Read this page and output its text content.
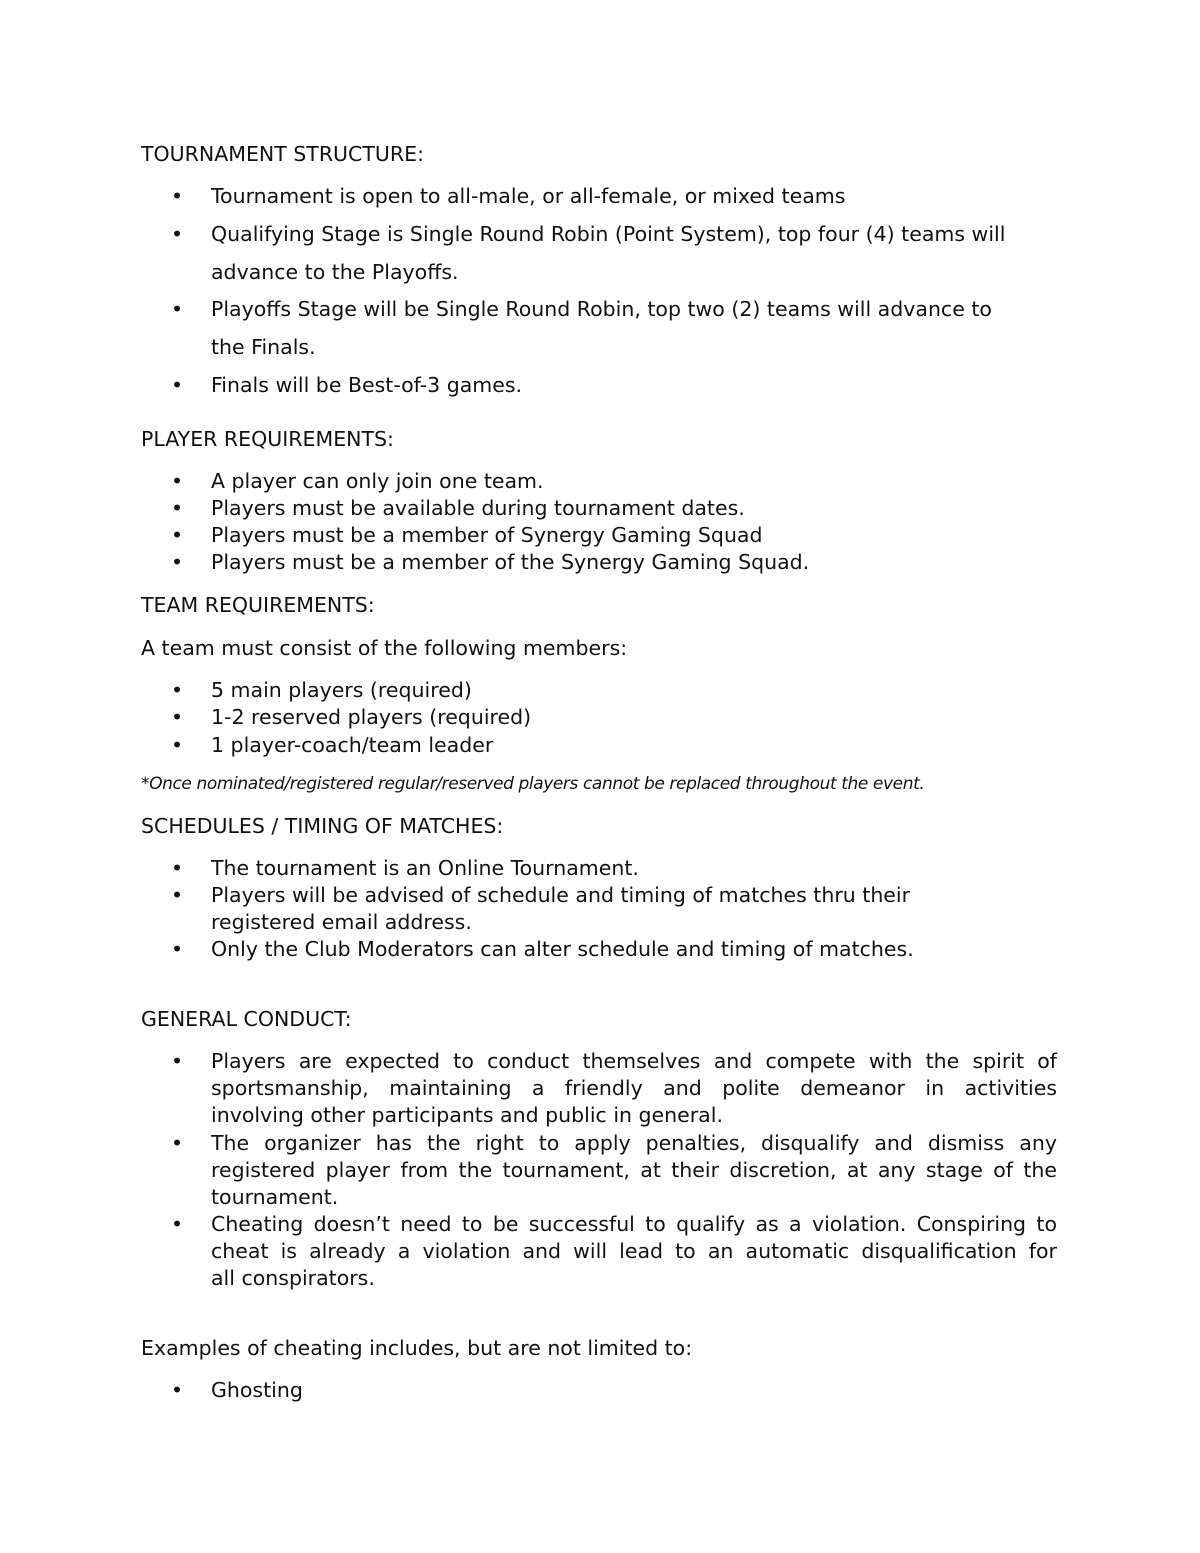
TOURNAMENT STRUCTURE:

• Tournament is open to all-male, or all-female, or mixed teams

• Qualifying Stage is Single Round Robin (Point System), top four (4) teams will

advance to the Playoffs.

• Playoffs Stage will be Single Round Robin, top two (2) teams will advance to

the Finals.

• Finals will be Best-of-3 games.

PLAYER REQUIREMENTS:

• A player can only join one team.

• Players must be available during tournament dates.

• Players must be a member of Synergy Gaming Squad

• Players must be a member of the Synergy Gaming Squad.

TEAM REQUIREMENTS:

A team must consist of the following members:

• 5 main players (required)

• 1-2 reserved players (required)

• 1 player-coach/team leader

*Once nominated/registered regular/reserved players cannot be replaced throughout the event.

SCHEDULES / TIMING OF MATCHES:

• The tournament is an Online Tournament.

• Players will be advised of schedule and timing of matches thru their

registered email address.

• Only the Club Moderators can alter schedule and timing of matches.

GENERAL CONDUCT:

• Players are expected to conduct themselves and compete with the spirit of

sportsmanship, maintaining a friendly and polite demeanor in activities

involving other participants and public in general.

• The organizer has the right to apply penalties, disqualify and dismiss any

registered player from the tournament, at their discretion, at any stage of the

tournament.

• Cheating doesn’t need to be successful to qualify as a violation. Conspiring to

cheat is already a violation and will lead to an automatic disqualification for

all conspirators.

Examples of cheating includes, but are not limited to:

• Ghosting
